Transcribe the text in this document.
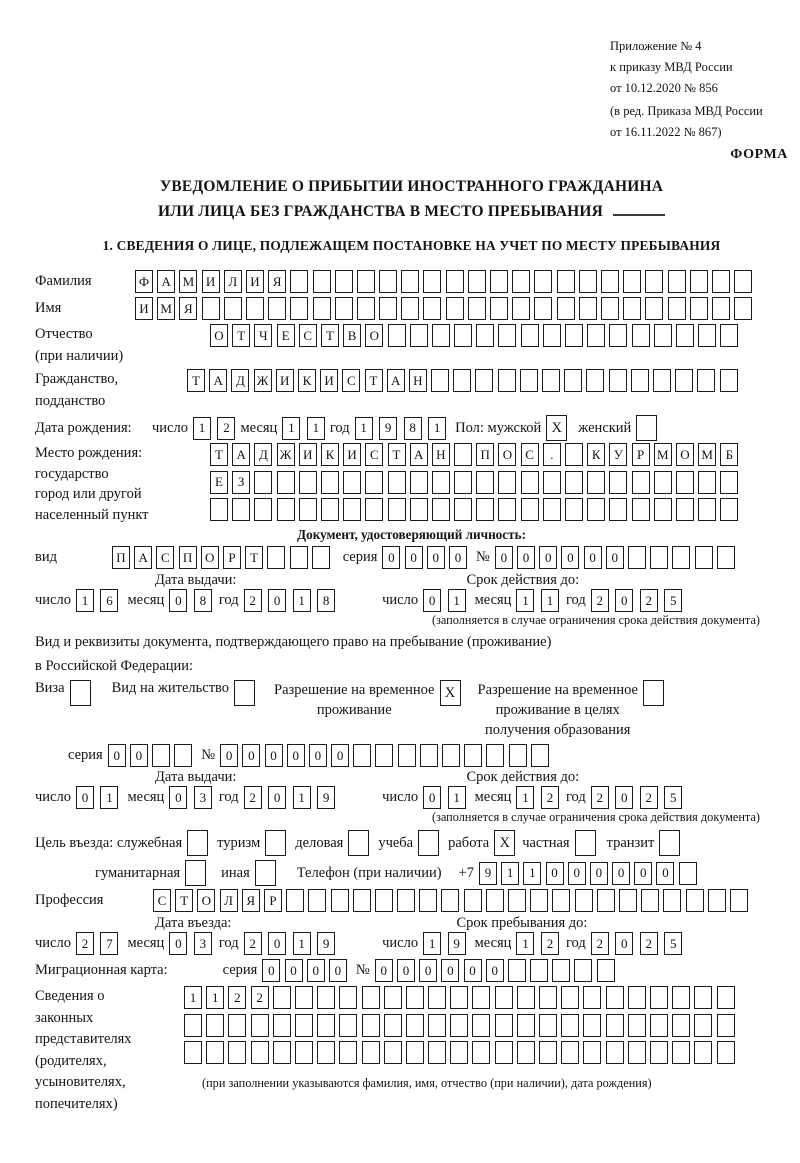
Приложение № 4
к приказу МВД России
от 10.12.2020 № 856
(в ред. Приказа МВД России
от 16.11.2022 № 867)
ФОРМА
УВЕДОМЛЕНИЕ О ПРИБЫТИИ ИНОСТРАННОГО ГРАЖДАНИНА
ИЛИ ЛИЦА БЕЗ ГРАЖДАНСТВА В МЕСТО ПРЕБЫВАНИЯ
1. СВЕДЕНИЯ О ЛИЦЕ, ПОДЛЕЖАЩЕМ ПОСТАНОВКЕ НА УЧЕТ ПО МЕСТУ ПРЕБЫВАНИЯ
Фамилия	Ф А М И	Л	И	Я
Имя	И М Я
Отчество
(при наличии)
О	Т	Ч	Е	С	Т	В	О
Гражданство,
подданство
Т	А	Д Ж И	К	И	С	Т	А Н
Дата рождения:	число 1	2 месяц 1	1 год 1	9	8	1	Пол: мужской X	женский
Место рождения:
государство
город или другой
населенный пункт
Т	А	Д Ж И	К	И	С	Т	А Н	П О	С	.	К	У	Р М О М Б
Е	З
Документ, удостоверяющий личность:
вид	П А	С	П О	Р	Т	серия 0	0	0	0	№ 0	0	0	0	0	0
Дата выдачи:	Срок действия до:
число 1	6	месяц 0	8 год 2	0	1	8	число 0	1	месяц 1	1 год 2	0	2	5
(заполняется в случае ограничения срока действия документа)
Вид и реквизиты документа, подтверждающего право на пребывание (проживание)
в Российской Федерации:
Виза	Вид на жительство	Разрешение на временное
проживание
X	Разрешение на временное
проживание в целях
получения образования
серия 0	0	№ 0	0	0	0	0	0
Дата выдачи:	Срок действия до:
число 0	1	месяц 0	3 год 2	0	1	9	число 0	1	месяц 1	2 год 2	0	2	5
(заполняется в случае ограничения срока действия документа)
Цель въезда: служебная туризм деловая учеба работа X частная	транзит
гуманитарная	иная	Телефон (при наличии) +7 9	1	1	0	0	0	0	0	0
Профессия	С	Т	О	Л	Я	Р
Дата въезда:	Срок пребывания до:
число 2	7	месяц 0	3 год 2	0	1	9	число 1	9	месяц 1	2 год 2	0	2	5
Миграционная карта:	серия 0	0	0	0	№ 0	0	0	0	0	0
Сведения о
законных
представителях
(родителях,
усыновителях,
попечителях)
1	1	2	2
(при заполнении указываются фамилия, имя, отчество (при наличии), дата рождения)
